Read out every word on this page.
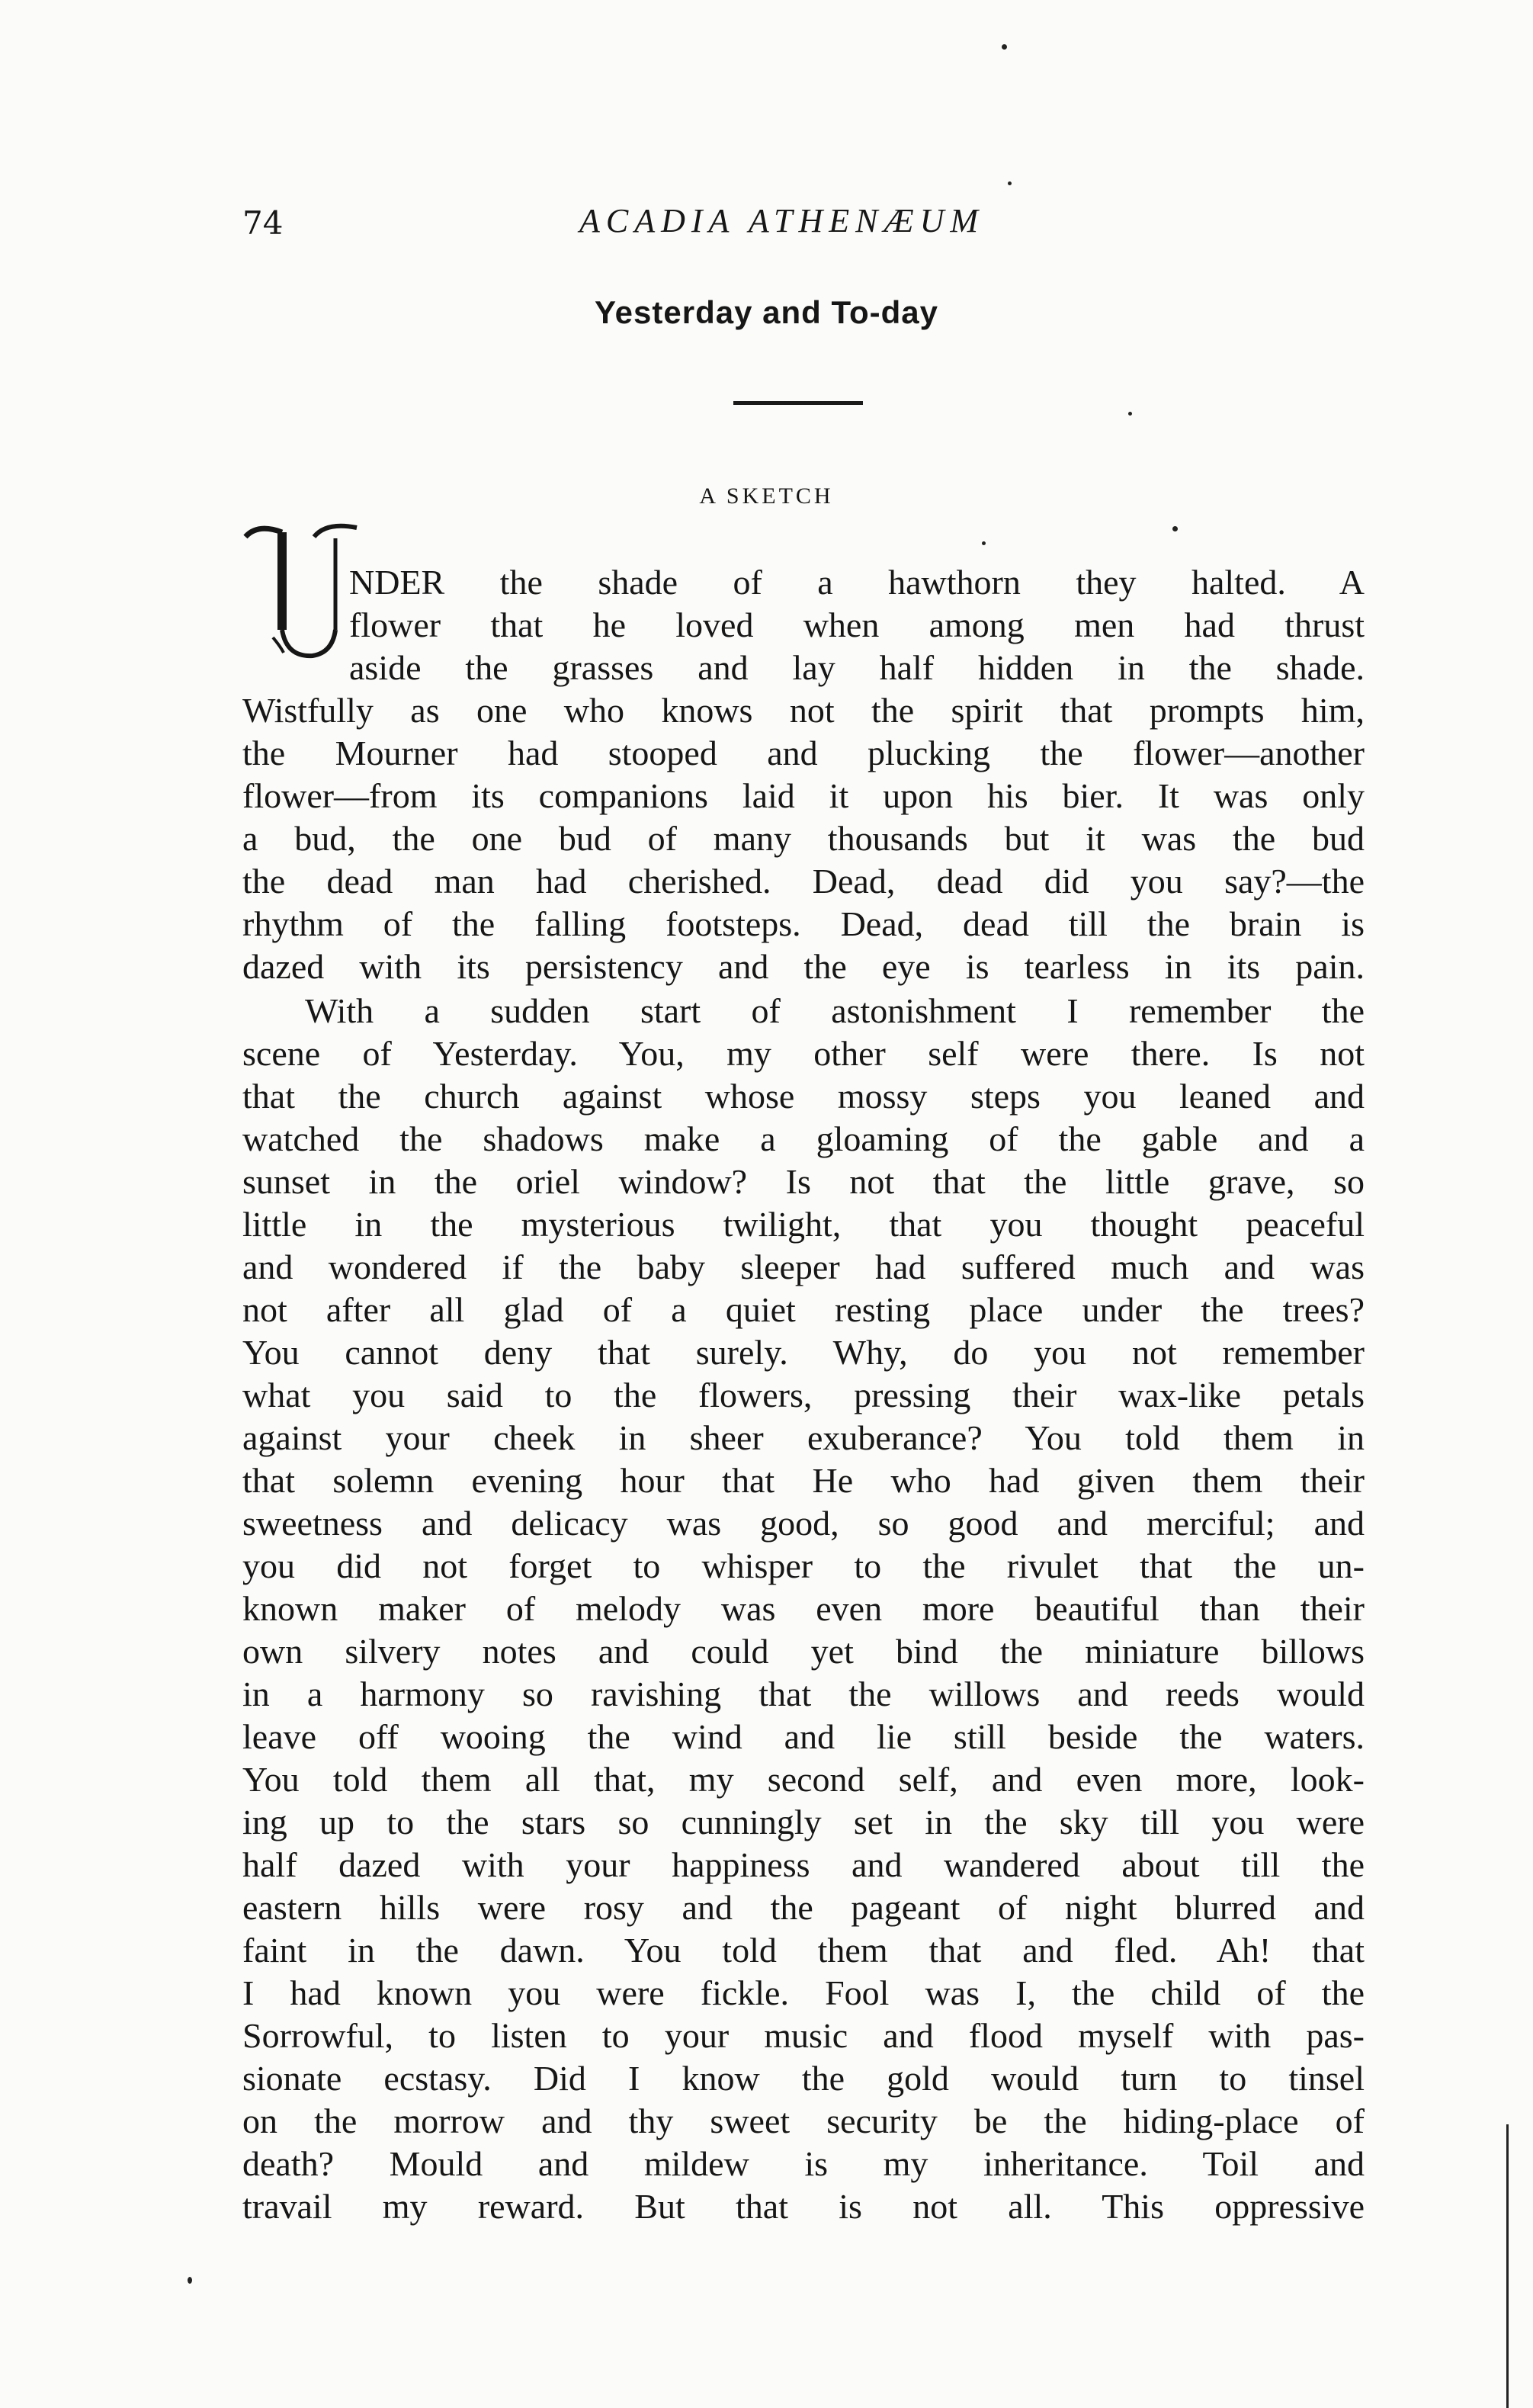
74	ACADIA ATHENÆUM
Yesterday and To-day
A SKETCH
NDER the shade of a hawthorn they halted. A
flower that he loved when among men had thrust
aside the grasses and lay half hidden in the shade.
Wistfully as one who knows not the spirit that prompts him,
the Mourner had stooped and plucking the flower—another
flower—from its companions laid it upon his bier. It was only
a bud, the one bud of many thousands but it was the bud
the dead man had cherished. Dead, dead did you say?—the
rhythm of the falling footsteps. Dead, dead till the brain is
dazed with its persistency and the eye is tearless in its pain.
With a sudden start of astonishment I remember the
scene of Yesterday. You, my other self were there. Is not
that the church against whose mossy steps you leaned and
watched the shadows make a gloaming of the gable and a
sunset in the oriel window? Is not that the little grave, so
little in the mysterious twilight, that you thought peaceful
and wondered if the baby sleeper had suffered much and was
not after all glad of a quiet resting place under the trees?
You cannot deny that surely. Why, do you not remember
what you said to the flowers, pressing their wax-like petals
against your cheek in sheer exuberance? You told them in
that solemn evening hour that He who had given them their
sweetness and delicacy was good, so good and merciful; and
you did not forget to whisper to the rivulet that the un-
known maker of melody was even more beautiful than their
own silvery notes and could yet bind the miniature billows
in a harmony so ravishing that the willows and reeds would
leave off wooing the wind and lie still beside the waters.
You told them all that, my second self, and even more, look-
ing up to the stars so cunningly set in the sky till you were
half dazed with your happiness and wandered about till the
eastern hills were rosy and the pageant of night blurred and
faint in the dawn. You told them that and fled. Ah! that
I had known you were fickle. Fool was I, the child of the
Sorrowful, to listen to your music and flood myself with pas-
sionate ecstasy. Did I know the gold would turn to tinsel
on the morrow and thy sweet security be the hiding-place of
death? Mould and mildew is my inheritance. Toil and
travail my reward. But that is not all. This oppressive
